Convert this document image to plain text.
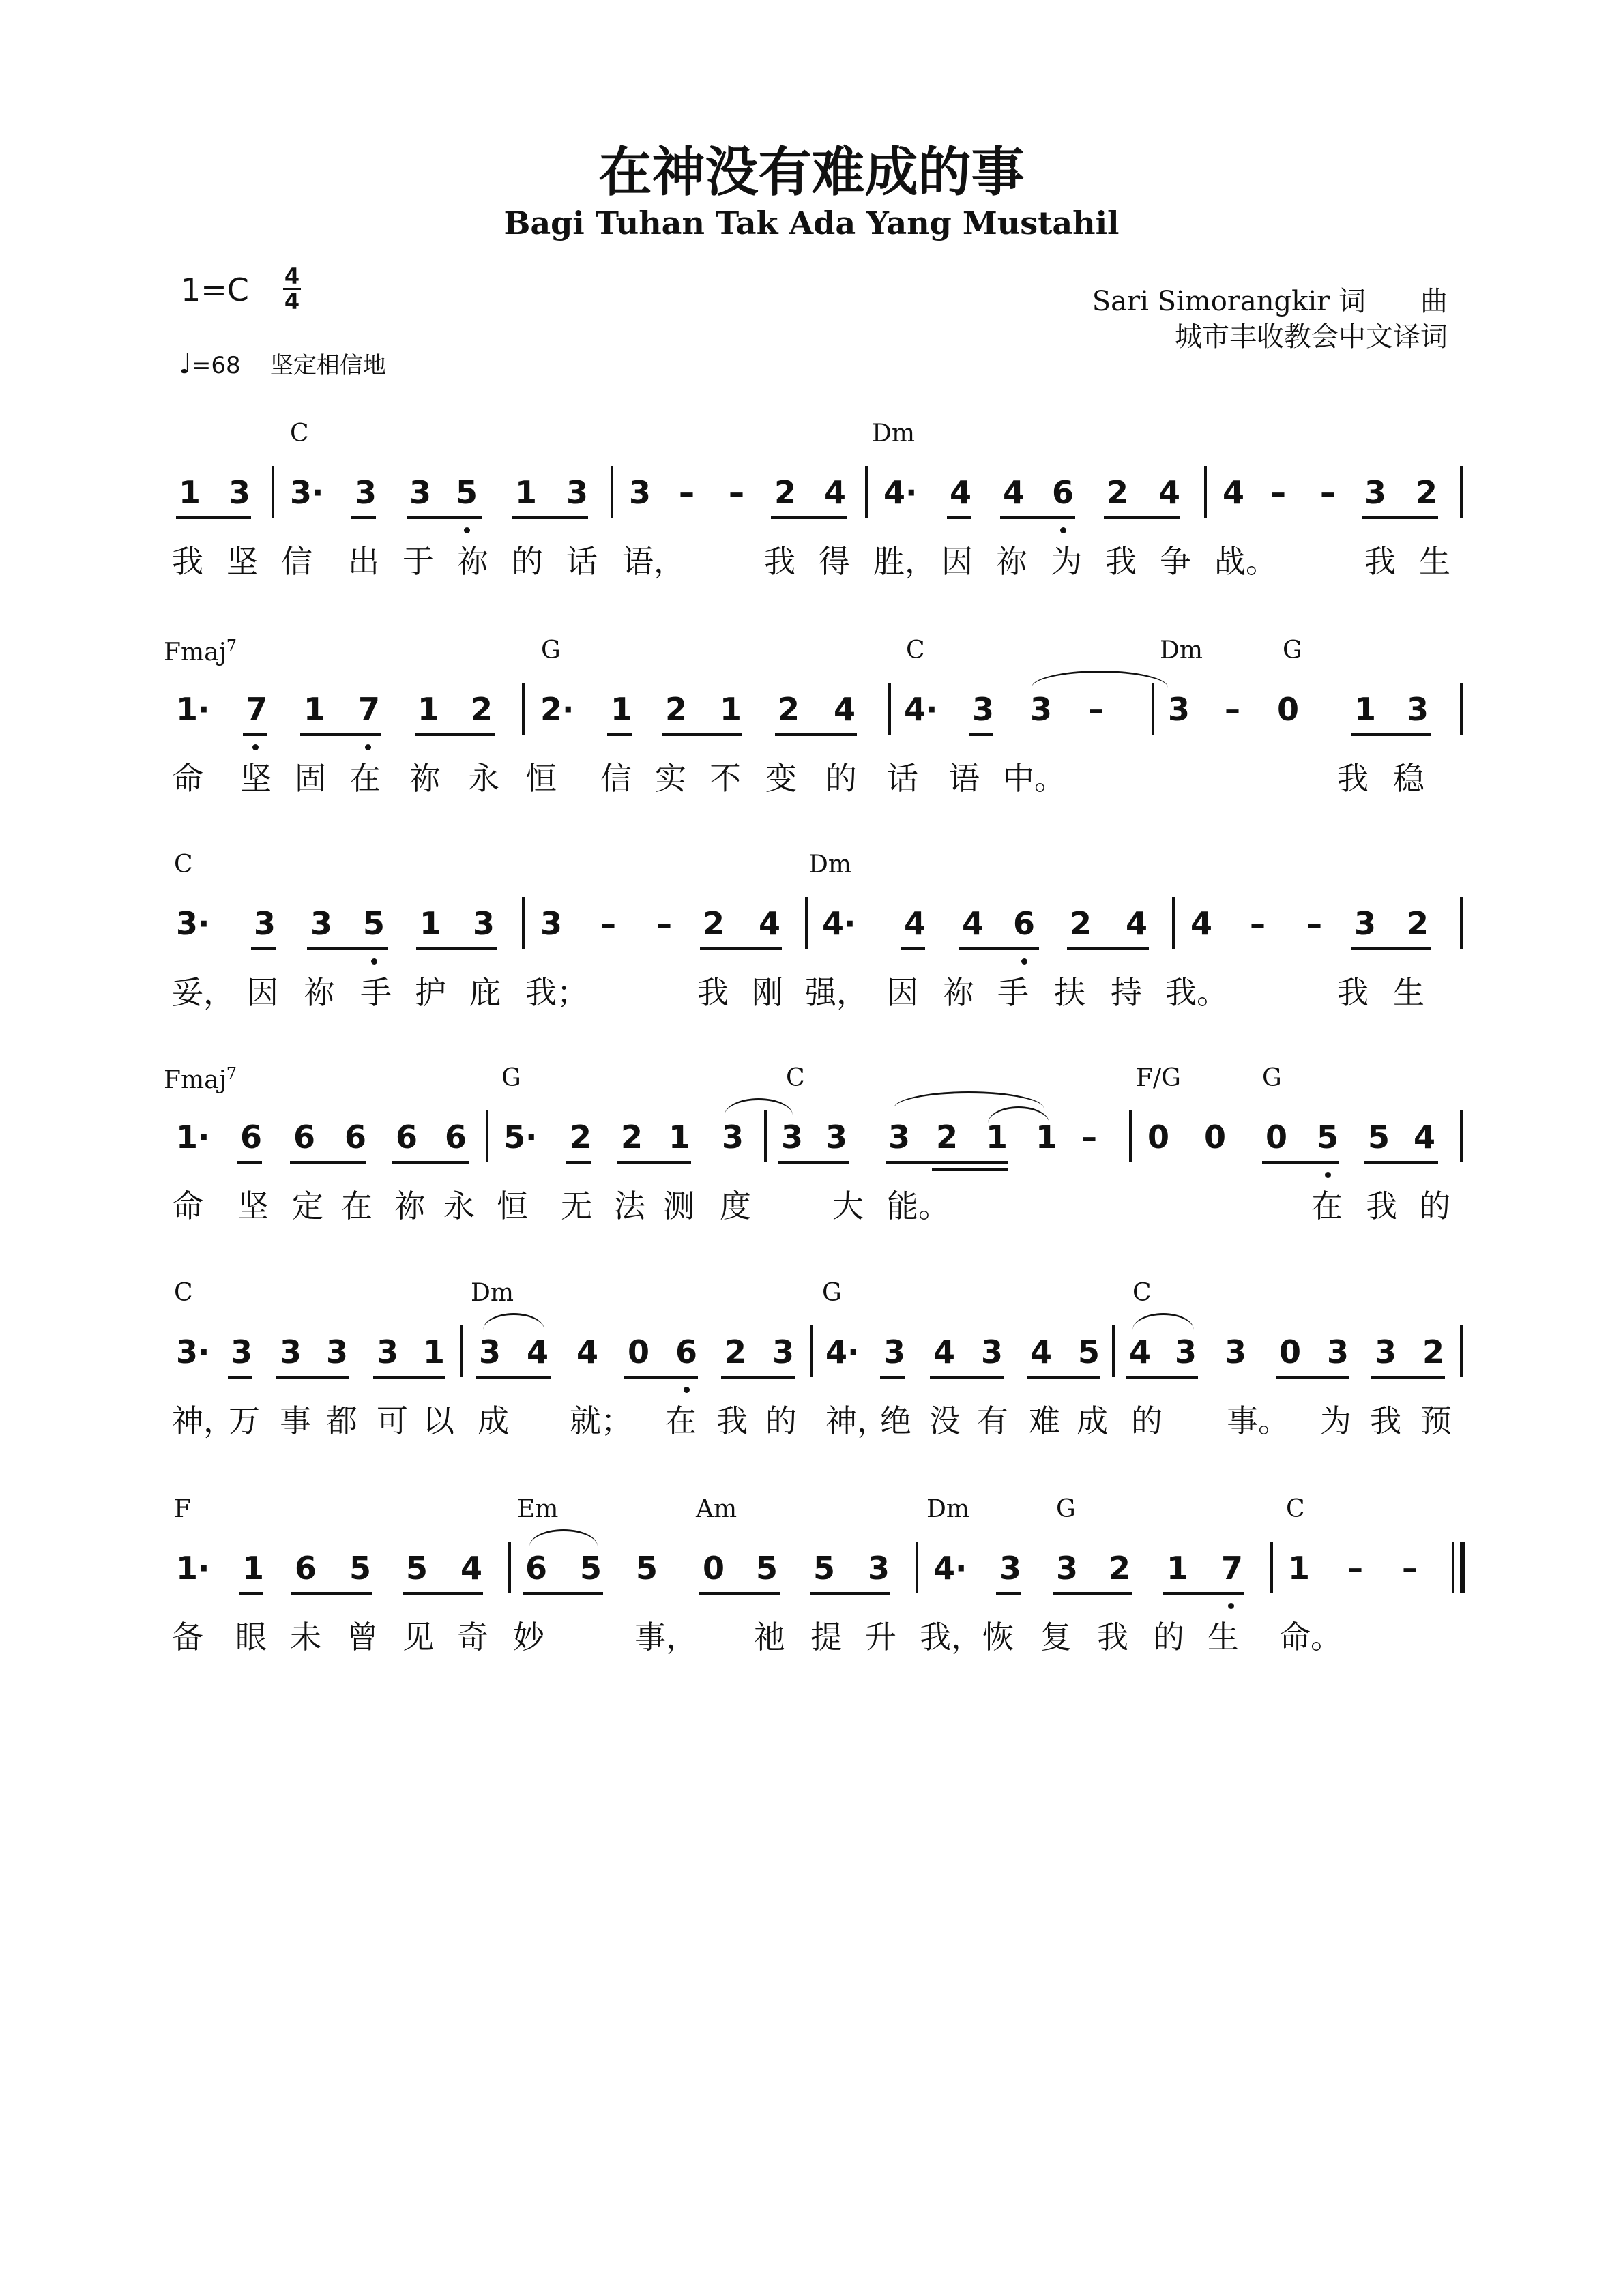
在神没有难成的事
Bagi Tuhan Tak Ada Yang Mustahil
1=C 4
4
♩=68 坚定相信地
Sari Simorangkir 词　　曲
城市丰收教会中文译词
C	Dm
1 3 3· 3 3 5 1 3 3 – – 2 4 4· 4 4 6 2 4 4 – – 3 2
我 坚 信 出 于 祢 的 话 语，	我 得 胜， 因 祢 为 我 争 战。	我 生
Fmaj$^7$	G	C	Dm	G
1· 7 1 7 1 2 2· 1 2 1 2 4 4· 3 3 – 3 – 0 1 3
命 坚 固 在 祢 永 恒 信 实 不 变 的 话 语 中。	我 稳
C	Dm
3· 3 3 5 1 3 3 – – 2 4 4· 4 4 6 2 4 4 – – 3 2
妥， 因 祢 手 护 庇 我；	我 刚 强， 因 祢 手 扶 持 我。	我 生
Fmaj$^7$	G	C	F/G	G
1· 6 6 6 6 6 5· 2 2 1 3 3 3 3 2 1 1 – 0 0 0 5 5 4
命 坚 定 在 祢 永 恒 无 法 测 度	大 能。	在 我 的
C	Dm	G	C
3· 3 3 3 3 1 3 4 4 0 6 2 3 4· 3 4 3 4 5 4 3 3 0 3 3 2
神，
万 事 都 可 以 成 就； 在 我 的 神，
绝 没 有 难 成 的 事。 为 我 预
F	Em	Am	Dm	G	C
1· 1 6 5 5 4 6 5 5 0 5 5 3 4· 3 3 2 1 7 1 – –
备 眼 未 曾 见 奇 妙	事， 祂 提 升 我， 恢 复 我 的 生 命。
